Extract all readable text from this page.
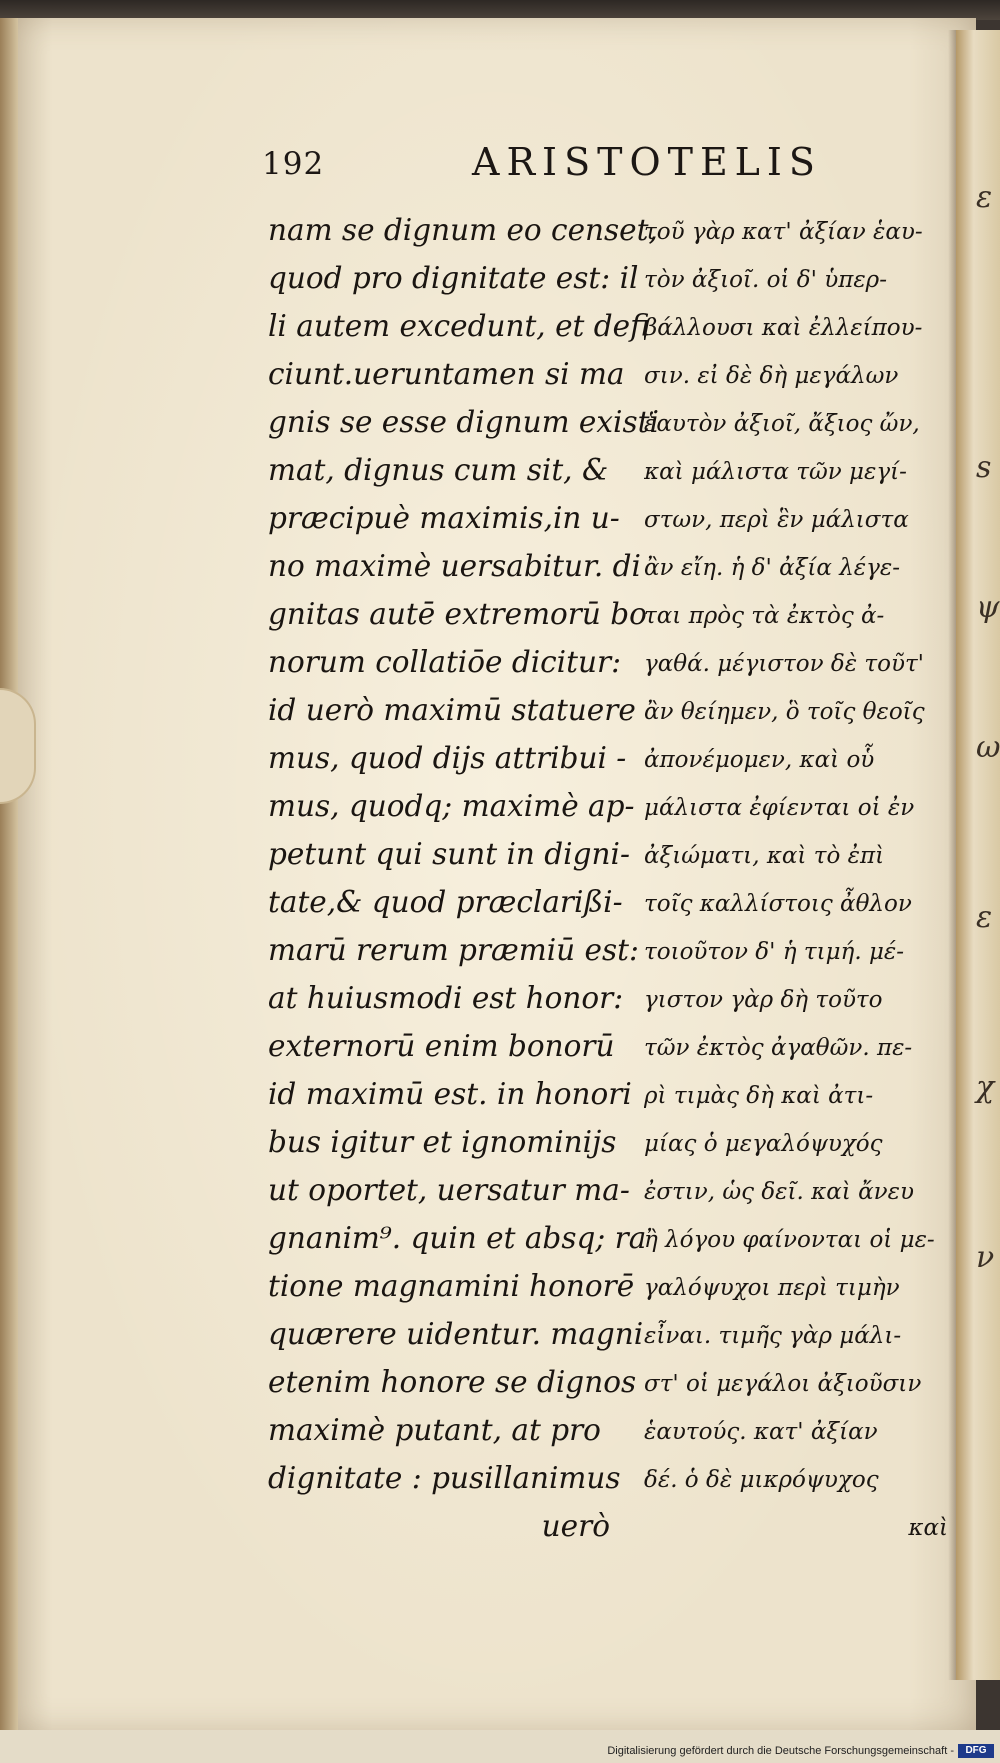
ε
s
ψ
ω
ε
χ
ν
192	ARISTOTELIS
nam se dignum eo censet,
quod pro dignitate est: il
li autem excedunt, et defi
ciunt.ueruntamen si ma
gnis se esse dignum existi
mat, dignus cum sit, &
præcipuè maximis,in u-
no maximè uersabitur. di
gnitas autē extremorū bo
norum collatiōe dicitur:
id uerò maximū statuere
mus, quod dijs attribui -
mus, quodq; maximè ap-
petunt qui sunt in digni-
tate,& quod præclarißi-
marū rerum præmiū est:
at huiusmodi est honor:
externorū enim bonorū
id maximū est. in honori
bus igitur et ignominijs
ut oportet, uersatur ma-
gnanim⁹. quin et absq; ra
tione magnamini honorē
quærere uidentur. magni
etenim honore se dignos
maximè putant, at pro
dignitate : pusillanimus
uerò
τοῦ γὰρ κατ' ἀξίαν ἑαυ-
τὸν ἀξιοῖ. οἱ δ' ὑπερ-
βάλλουσι καὶ ἐλλείπου-
σιν. εἰ δὲ δὴ μεγάλων
ἑαυτὸν ἀξιοῖ, ἄξιος ὤν,
καὶ μάλιστα τῶν μεγί-
στων, περὶ ἓν μάλιστα
ἂν εἴη. ἡ δ' ἀξία λέγε-
ται πρὸς τὰ ἐκτὸς ἀ-
γαθά. μέγιστον δὲ τοῦτ'
ἂν θείημεν, ὃ τοῖς θεοῖς
ἀπονέμομεν, καὶ οὗ
μάλιστα ἐφίενται οἱ ἐν
ἀξιώματι, καὶ τὸ ἐπὶ
τοῖς καλλίστοις ἆθλον
τοιοῦτον δ' ἡ τιμή. μέ-
γιστον γὰρ δὴ τοῦτο
τῶν ἐκτὸς ἀγαθῶν. πε-
ρὶ τιμὰς δὴ καὶ ἀτι-
μίας ὁ μεγαλόψυχός
ἐστιν, ὡς δεῖ. καὶ ἄνευ
ἢ λόγου φαίνονται οἱ με-
γαλόψυχοι περὶ τιμὴν
εἶναι. τιμῆς γὰρ μάλι-
στ' οἱ μεγάλοι ἀξιοῦσιν
ἑαυτούς. κατ' ἀξίαν
δέ. ὁ δὲ μικρόψυχος
καὶ
Digitalisierung gefördert durch die Deutsche Forschungsgemeinschaft -	DFG
